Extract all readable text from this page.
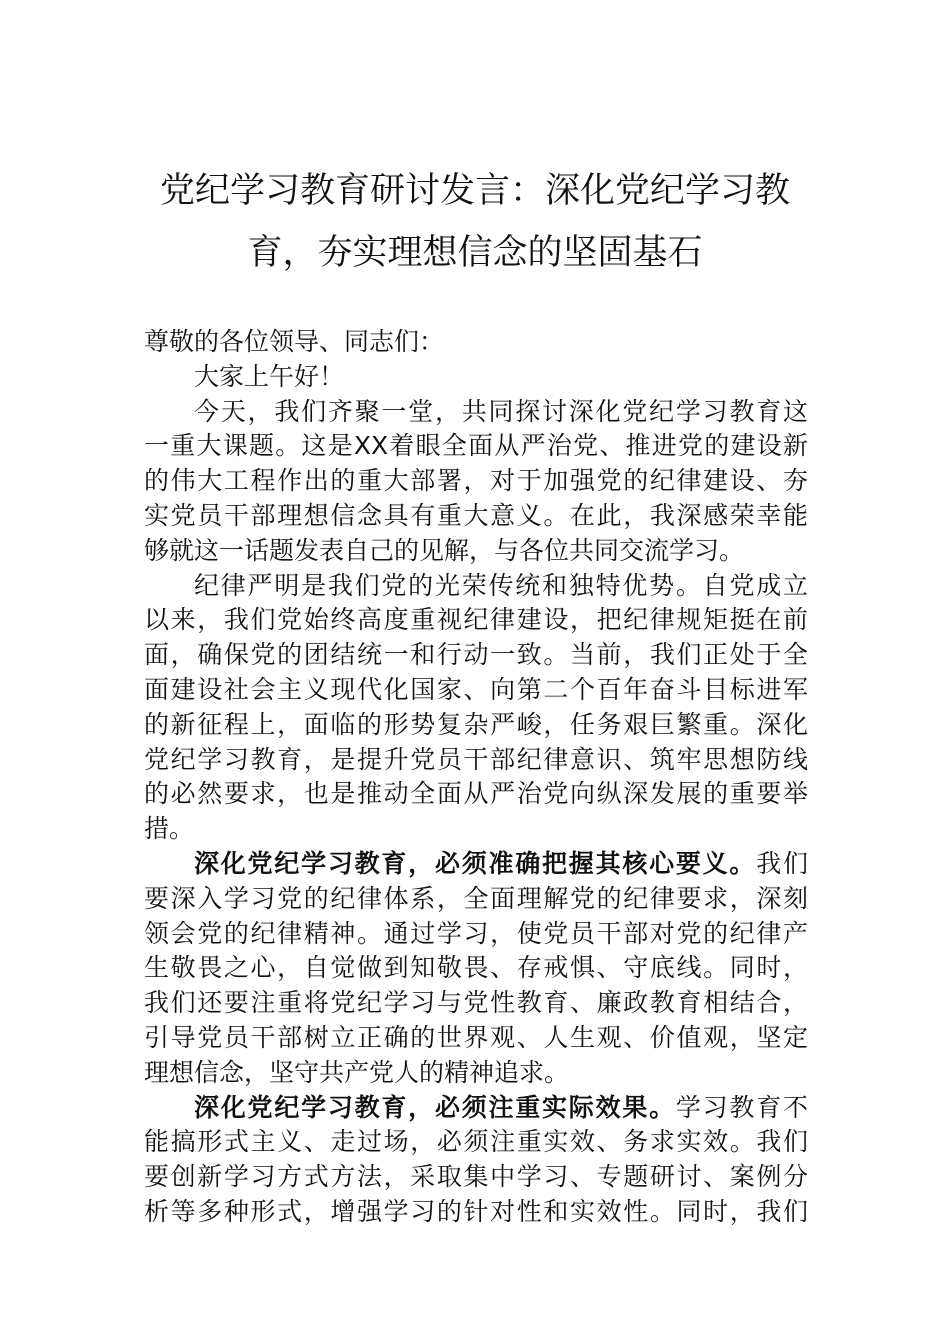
党纪学习教育研讨发言：深化党纪学习教
育，夯实理想信念的坚固基石

尊敬的各位领导、同志们：

大家上午好！

今天，我们齐聚一堂，共同探讨深化党纪学习教育这
一重大课题。这是XX着眼全面从严治党、推进党的建设新
的伟大工程作出的重大部署，对于加强党的纪律建设、夯
实党员干部理想信念具有重大意义。在此，我深感荣幸能
够就这一话题发表自己的见解，与各位共同交流学习。

纪律严明是我们党的光荣传统和独特优势。自党成立
以来，我们党始终高度重视纪律建设，把纪律规矩挺在前
面，确保党的团结统一和行动一致。当前，我们正处于全
面建设社会主义现代化国家、向第二个百年奋斗目标进军
的新征程上，面临的形势复杂严峻，任务艰巨繁重。深化
党纪学习教育，是提升党员干部纪律意识、筑牢思想防线
的必然要求，也是推动全面从严治党向纵深发展的重要举
措。

深化党纪学习教育，必须准确把握其核心要义。我们
要深入学习党的纪律体系，全面理解党的纪律要求，深刻
领会党的纪律精神。通过学习，使党员干部对党的纪律产
生敬畏之心，自觉做到知敬畏、存戒惧、守底线。同时，
我们还要注重将党纪学习与党性教育、廉政教育相结合，
引导党员干部树立正确的世界观、人生观、价值观，坚定
理想信念，坚守共产党人的精神追求。

深化党纪学习教育，必须注重实际效果。学习教育不
能搞形式主义、走过场，必须注重实效、务求实效。我们
要创新学习方式方法，采取集中学习、专题研讨、案例分
析等多种形式，增强学习的针对性和实效性。同时，我们
